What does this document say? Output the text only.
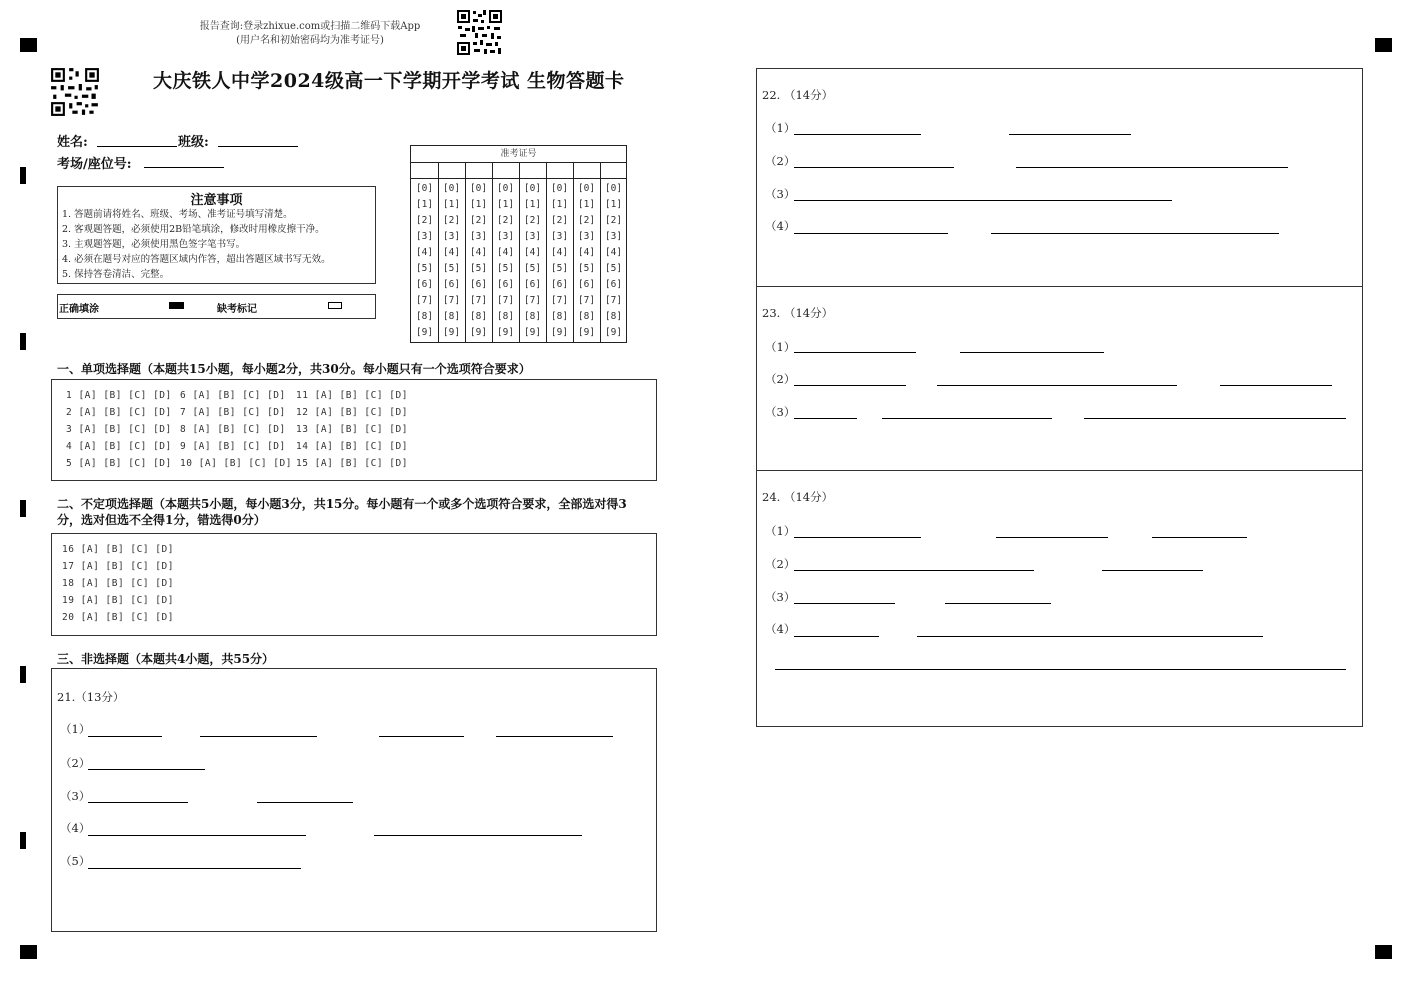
报告查询:登录zhixue.com或扫描二维码下载App
(用户名和初始密码均为准考证号)
大庆铁人中学2024级高一下学期开学考试 生物答题卡
姓名:	班级:
考场/座位号:
注意事项
1. 答题前请将姓名、班级、考场、准考证号填写清楚。
2. 客观题答题，必须使用2B铅笔填涂，修改时用橡皮擦干净。
3. 主观题答题，必须使用黑色签字笔书写。
4. 必须在题号对应的答题区域内作答，超出答题区域书写无效。
5. 保持答卷清洁、完整。
正确填涂	缺考标记
准考证号
[0]	[0]	[0]	[0]	[0]	[0]	[0]	[0]
[1]	[1]	[1]	[1]	[1]	[1]	[1]	[1]
[2]	[2]	[2]	[2]	[2]	[2]	[2]	[2]
[3]	[3]	[3]	[3]	[3]	[3]	[3]	[3]
[4]	[4]	[4]	[4]	[4]	[4]	[4]	[4]
[5]	[5]	[5]	[5]	[5]	[5]	[5]	[5]
[6]	[6]	[6]	[6]	[6]	[6]	[6]	[6]
[7]	[7]	[7]	[7]	[7]	[7]	[7]	[7]
[8]	[8]	[8]	[8]	[8]	[8]	[8]	[8]
[9]	[9]	[9]	[9]	[9]	[9]	[9]	[9]
一、单项选择题（本题共15小题，每小题2分，共30分。每小题只有一个选项符合要求）
1 [A] [B] [C] [D] 6 [A] [B] [C] [D] 11 [A] [B] [C] [D]
2 [A] [B] [C] [D] 7 [A] [B] [C] [D] 12 [A] [B] [C] [D]
3 [A] [B] [C] [D] 8 [A] [B] [C] [D] 13 [A] [B] [C] [D]
4 [A] [B] [C] [D] 9 [A] [B] [C] [D] 14 [A] [B] [C] [D]
5 [A] [B] [C] [D] 10 [A] [B] [C] [D] 15 [A] [B] [C] [D]
二、不定项选择题（本题共5小题，每小题3分，共15分。每小题有一个或多个选项符合要求，全部选对得3
分，选对但选不全得1分，错选得0分）
16 [A] [B] [C] [D]
17 [A] [B] [C] [D]
18 [A] [B] [C] [D]
19 [A] [B] [C] [D]
20 [A] [B] [C] [D]
三、非选择题（本题共4小题，共55分）
21.（13分）
（1）
（2）
（3）
（4）
（5）
22. （14分）
（1）
（2）
（3）
（4）
23. （14分）
（1）
（2）
（3）
24. （14分）
（1）
（2）
（3）
（4）
